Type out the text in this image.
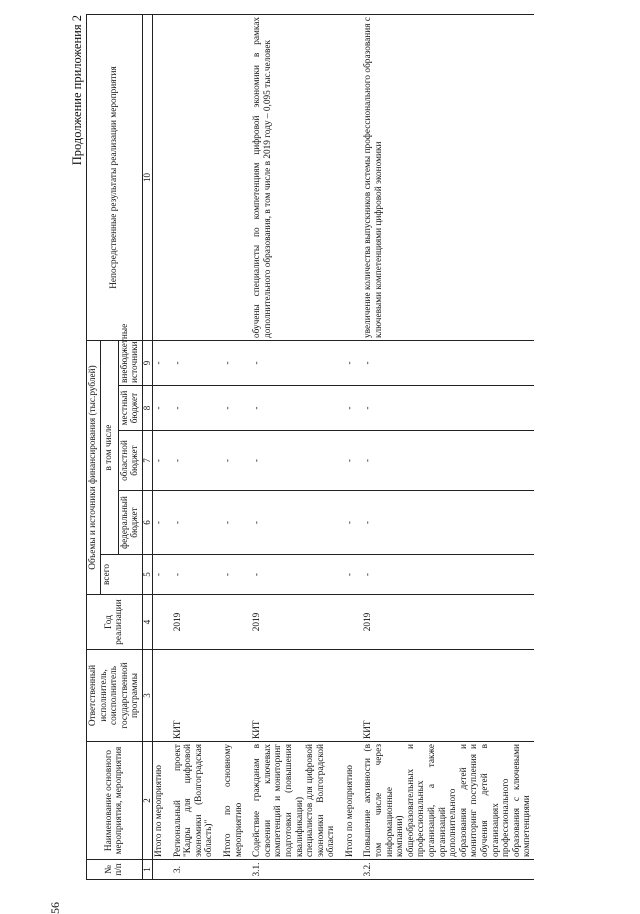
56
Продолжение приложения 2
№ п/п	Наименование основного мероприятия, мероприятия	Ответственный исполнитель, соисполнитель государственной программы	Год реализации	Объемы и источники финансирования (тыс.рублей)					Непосредственные результаты реализации мероприятия
				всего	в том числе				
					федеральный бюджет	областной бюджет	местный бюджет	внебюджетные источники	
1	2	3	4	5	6	7	8	9	10
	Итого по мероприятию			-	-	-	-	-	

3.	Региональный проект "Кадры для цифровой экономики (Волгоградская область)"	КИТ	2019	-	-	-	-	-	

	Итого по основному мероприятию			-	-	-	-	-	

3.1.	Содействие гражданам в освоении ключевых компетенций и мониторинг подготовки (повышения квалификации) специалистов для цифровой экономики Волгоградской области	КИТ	2019	-	-	-	-	-	обучены специалисты по компетенциям цифровой экономики в рамках дополнительного образования, в том числе в 2019 году – 0,095 тыс.человек

	Итого по мероприятию			-	-	-	-	-	

3.2.	Повышение активности (в том числе через информационные компании) общеобразовательных и профессиональных организаций, а также организаций дополнительного образования детей и мониторинг поступления и обучения детей в организациях профессионального образования с ключевыми компетенциями	КИТ	2019	-	-	-	-	-	увеличение количества выпускников системы профессионального образования с ключевыми компетенциями цифровой экономики
